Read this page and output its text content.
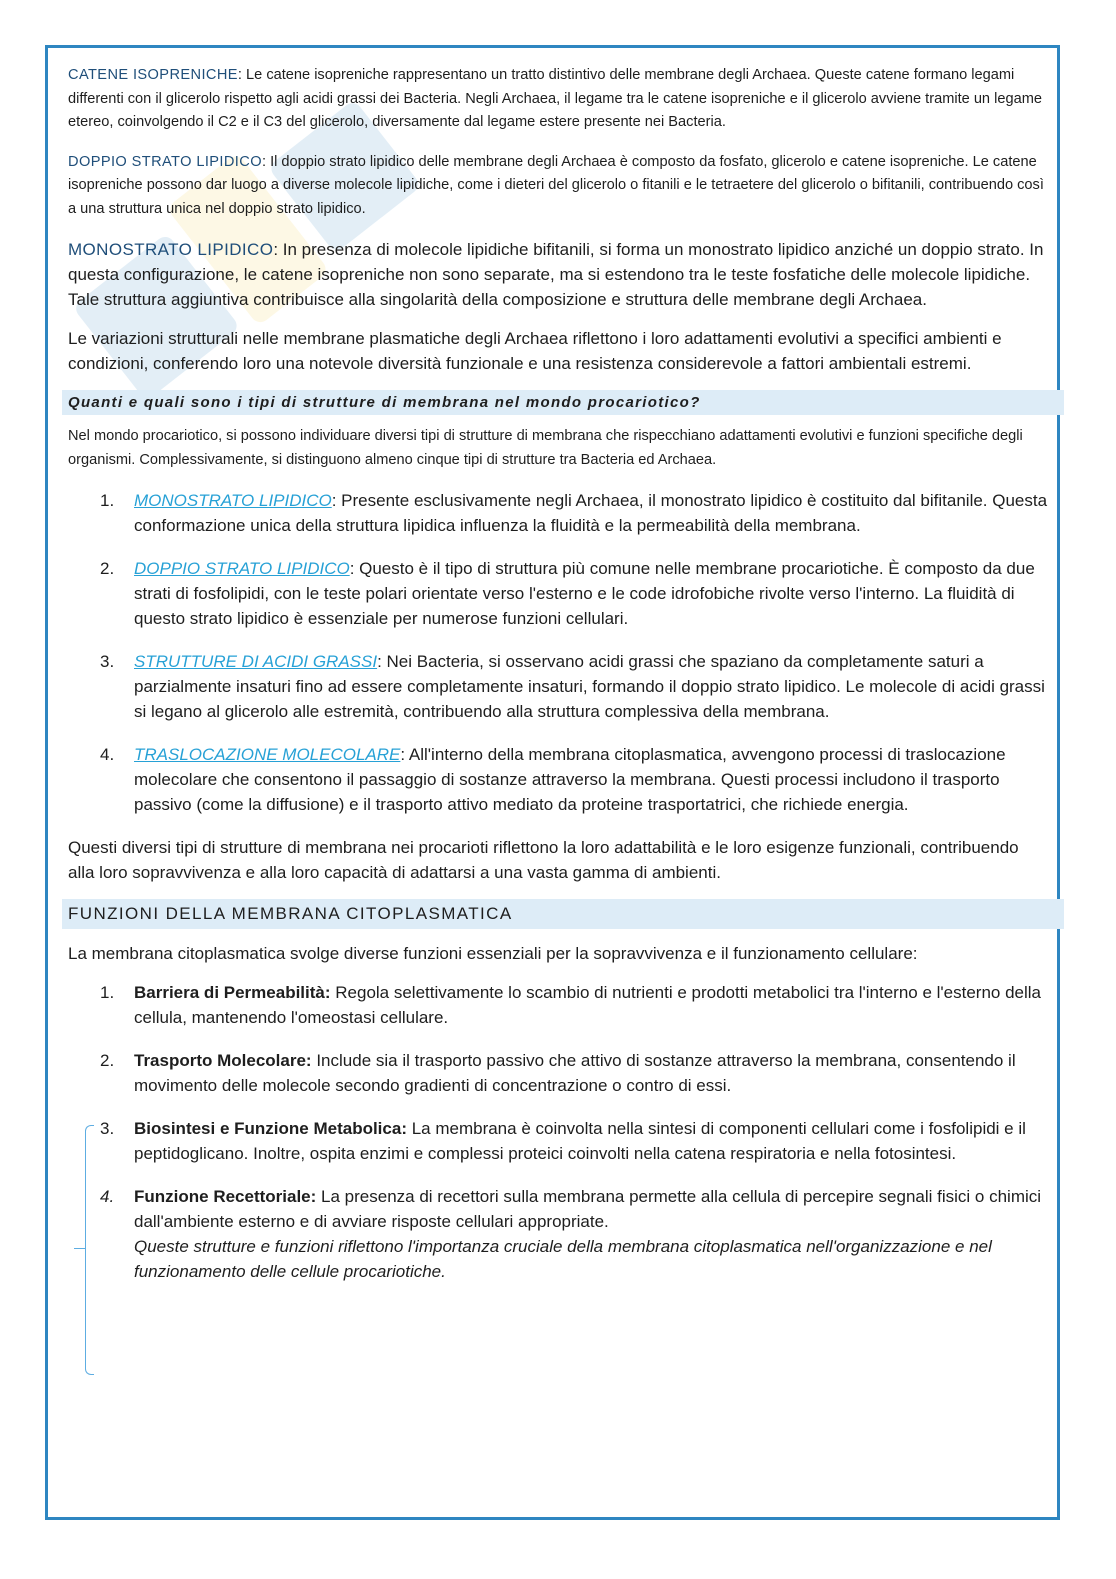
CATENE ISOPRENICHE: Le catene isopreniche rappresentano un tratto distintivo delle membrane degli Archaea. Queste catene formano legami differenti con il glicerolo rispetto agli acidi grassi dei Bacteria. Negli Archaea, il legame tra le catene isopreniche e il glicerolo avviene tramite un legame etereo, coinvolgendo il C2 e il C3 del glicerolo, diversamente dal legame estere presente nei Bacteria.

DOPPIO STRATO LIPIDICO: Il doppio strato lipidico delle membrane degli Archaea è composto da fosfato, glicerolo e catene isopreniche. Le catene isopreniche possono dar luogo a diverse molecole lipidiche, come i dieteri del glicerolo o fitanili e le tetraetere del glicerolo o bifitanili, contribuendo così a una struttura unica nel doppio strato lipidico.

MONOSTRATO LIPIDICO: In presenza di molecole lipidiche bifitanili, si forma un monostrato lipidico anziché un doppio strato. In questa configurazione, le catene isopreniche non sono separate, ma si estendono tra le teste fosfatiche delle molecole lipidiche. Tale struttura aggiuntiva contribuisce alla singolarità della composizione e struttura delle membrane degli Archaea.

Le variazioni strutturali nelle membrane plasmatiche degli Archaea riflettono i loro adattamenti evolutivi a specifici ambienti e condizioni, conferendo loro una notevole diversità funzionale e una resistenza considerevole a fattori ambientali estremi.

Quanti e quali sono i tipi di strutture di membrana nel mondo procariotico?

Nel mondo procariotico, si possono individuare diversi tipi di strutture di membrana che rispecchiano adattamenti evolutivi e funzioni specifiche degli organismi. Complessivamente, si distinguono almeno cinque tipi di strutture tra Bacteria ed Archaea.

1. MONOSTRATO LIPIDICO: Presente esclusivamente negli Archaea, il monostrato lipidico è costituito dal bifitanile. Questa conformazione unica della struttura lipidica influenza la fluidità e la permeabilità della membrana.
2. DOPPIO STRATO LIPIDICO: Questo è il tipo di struttura più comune nelle membrane procariotiche. È composto da due strati di fosfolipidi, con le teste polari orientate verso l'esterno e le code idrofobiche rivolte verso l'interno. La fluidità di questo strato lipidico è essenziale per numerose funzioni cellulari.
3. STRUTTURE DI ACIDI GRASSI: Nei Bacteria, si osservano acidi grassi che spaziano da completamente saturi a parzialmente insaturi fino ad essere completamente insaturi, formando il doppio strato lipidico. Le molecole di acidi grassi si legano al glicerolo alle estremità, contribuendo alla struttura complessiva della membrana.
4. TRASLOCAZIONE MOLECOLARE: All'interno della membrana citoplasmatica, avvengono processi di traslocazione molecolare che consentono il passaggio di sostanze attraverso la membrana. Questi processi includono il trasporto passivo (come la diffusione) e il trasporto attivo mediato da proteine trasportatrici, che richiede energia.

Questi diversi tipi di strutture di membrana nei procarioti riflettono la loro adattabilità e le loro esigenze funzionali, contribuendo alla loro sopravvivenza e alla loro capacità di adattarsi a una vasta gamma di ambienti.

FUNZIONI DELLA MEMBRANA CITOPLASMATICA

La membrana citoplasmatica svolge diverse funzioni essenziali per la sopravvivenza e il funzionamento cellulare:

1. Barriera di Permeabilità: Regola selettivamente lo scambio di nutrienti e prodotti metabolici tra l'interno e l'esterno della cellula, mantenendo l'omeostasi cellulare.
2. Trasporto Molecolare: Include sia il trasporto passivo che attivo di sostanze attraverso la membrana, consentendo il movimento delle molecole secondo gradienti di concentrazione o contro di essi.
3. Biosintesi e Funzione Metabolica: La membrana è coinvolta nella sintesi di componenti cellulari come i fosfolipidi e il peptidoglicano. Inoltre, ospita enzimi e complessi proteici coinvolti nella catena respiratoria e nella fotosintesi.
4. Funzione Recettoriale: La presenza di recettori sulla membrana permette alla cellula di percepire segnali fisici o chimici dall'ambiente esterno e di avviare risposte cellulari appropriate.
Queste strutture e funzioni riflettono l'importanza cruciale della membrana citoplasmatica nell'organizzazione e nel funzionamento delle cellule procariotiche.
